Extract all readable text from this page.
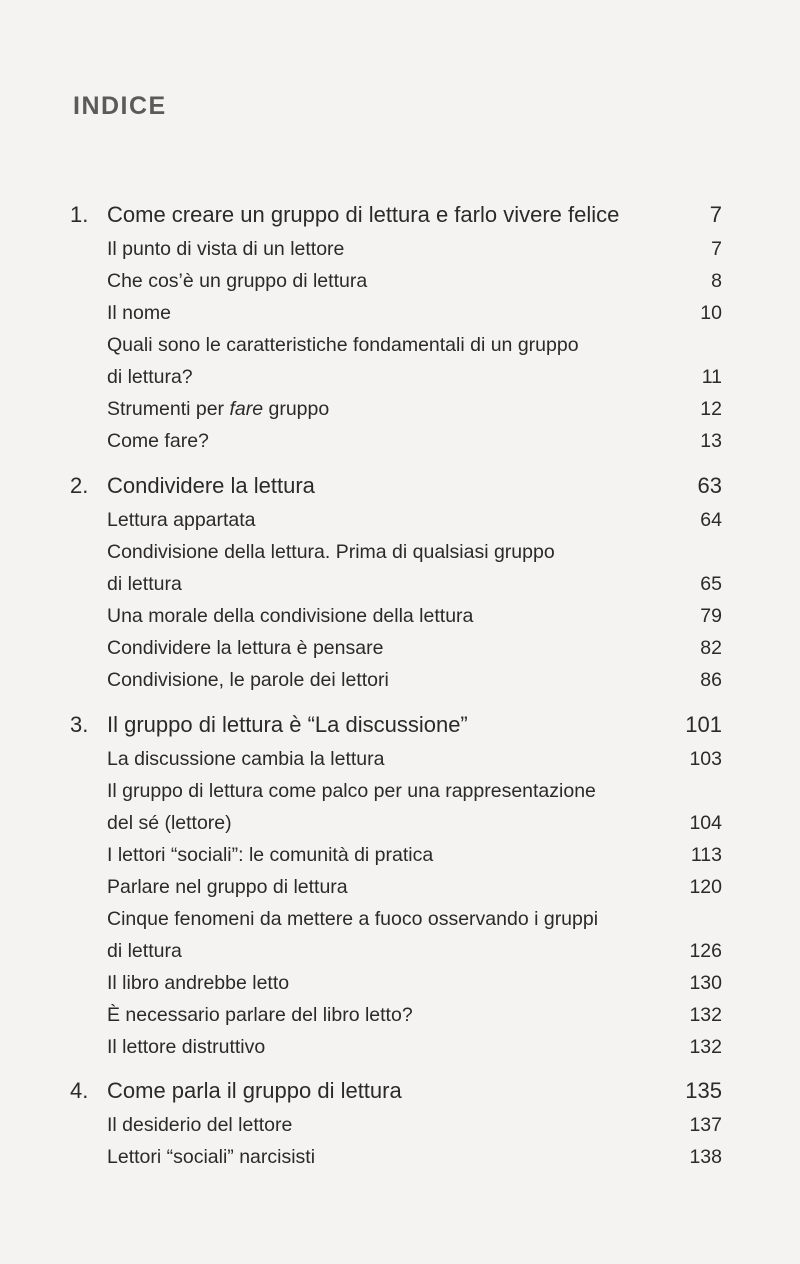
INDICE
1. Come creare un gruppo di lettura e farlo vivere felice	7
Il punto di vista di un lettore	7
Che cos’è un gruppo di lettura	8
Il nome	10
Quali sono le caratteristiche fondamentali di un gruppo
di lettura?	11
Strumenti per fare gruppo	12
Come fare?	13
2. Condividere la lettura	63
Lettura appartata	64
Condivisione della lettura. Prima di qualsiasi gruppo
di lettura	65
Una morale della condivisione della lettura	79
Condividere la lettura è pensare	82
Condivisione, le parole dei lettori	86
3. Il gruppo di lettura è “La discussione”	101
La discussione cambia la lettura	103
Il gruppo di lettura come palco per una rappresentazione
del sé (lettore)	104
I lettori “sociali”: le comunità di pratica	113
Parlare nel gruppo di lettura	120
Cinque fenomeni da mettere a fuoco osservando i gruppi
di lettura	126
Il libro andrebbe letto	130
È necessario parlare del libro letto?	132
Il lettore distruttivo	132
4. Come parla il gruppo di lettura	135
Il desiderio del lettore	137
Lettori “sociali” narcisisti	138
